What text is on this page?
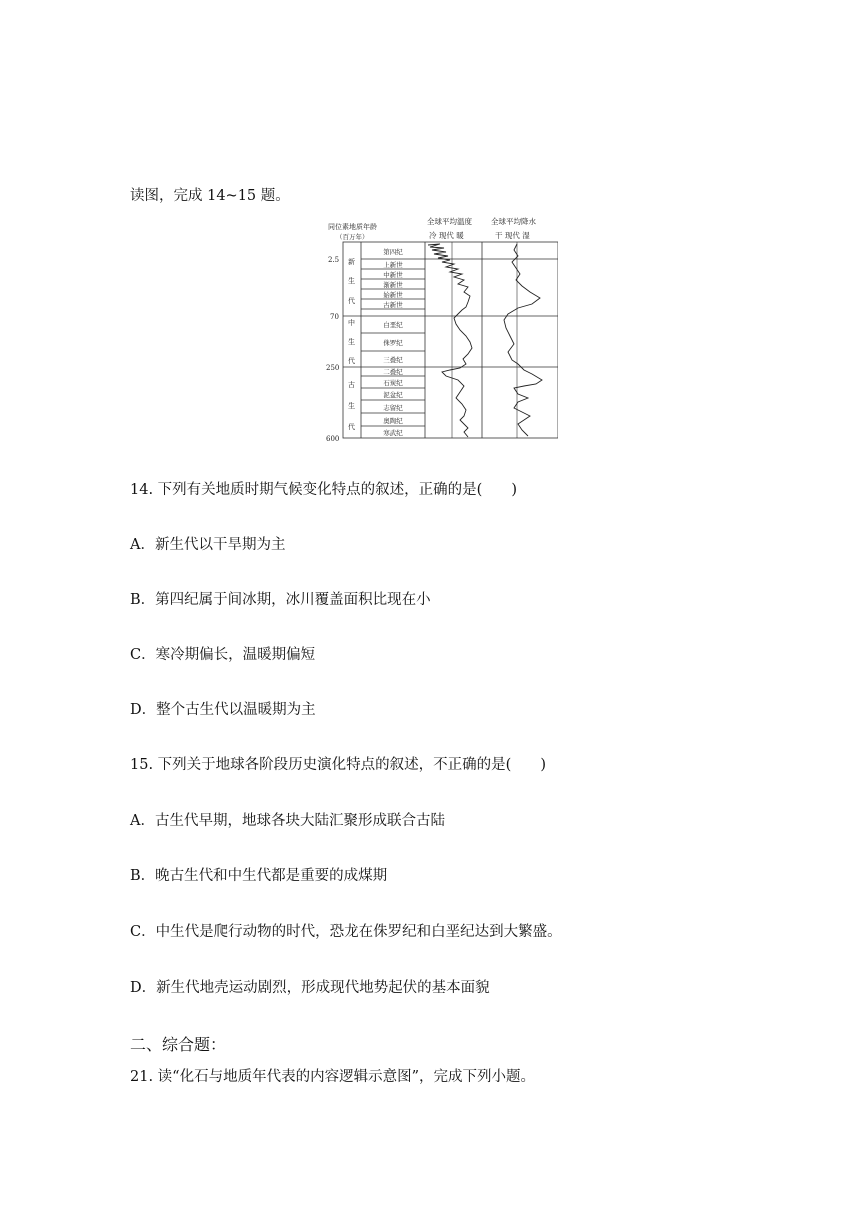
读图，完成 14~15 题。
同位素地质年龄
（百万年）
全球平均温度
冷 现代 暖
全球平均降水
干 现代 湿
2.5
70
250
600
新
生
代
中
生
代
古
生
代
第四纪
上新世
中新世
渐新世
始新世
古新世
白垩纪
侏罗纪
三叠纪
二叠纪
石炭纪
泥盆纪
志留纪
奥陶纪
寒武纪
14. 下列有关地质时期气候变化特点的叙述，正确的是(　　)
A．新生代以干旱期为主
B．第四纪属于间冰期，冰川覆盖面积比现在小
C．寒冷期偏长，温暖期偏短
D．整个古生代以温暖期为主
15. 下列关于地球各阶段历史演化特点的叙述，不正确的是(　　)
A．古生代早期，地球各块大陆汇聚形成联合古陆
B．晚古生代和中生代都是重要的成煤期
C．中生代是爬行动物的时代，恐龙在侏罗纪和白垩纪达到大繁盛。
D．新生代地壳运动剧烈，形成现代地势起伏的基本面貌
二、综合题：
21. 读“化石与地质年代表的内容逻辑示意图”，完成下列小题。
